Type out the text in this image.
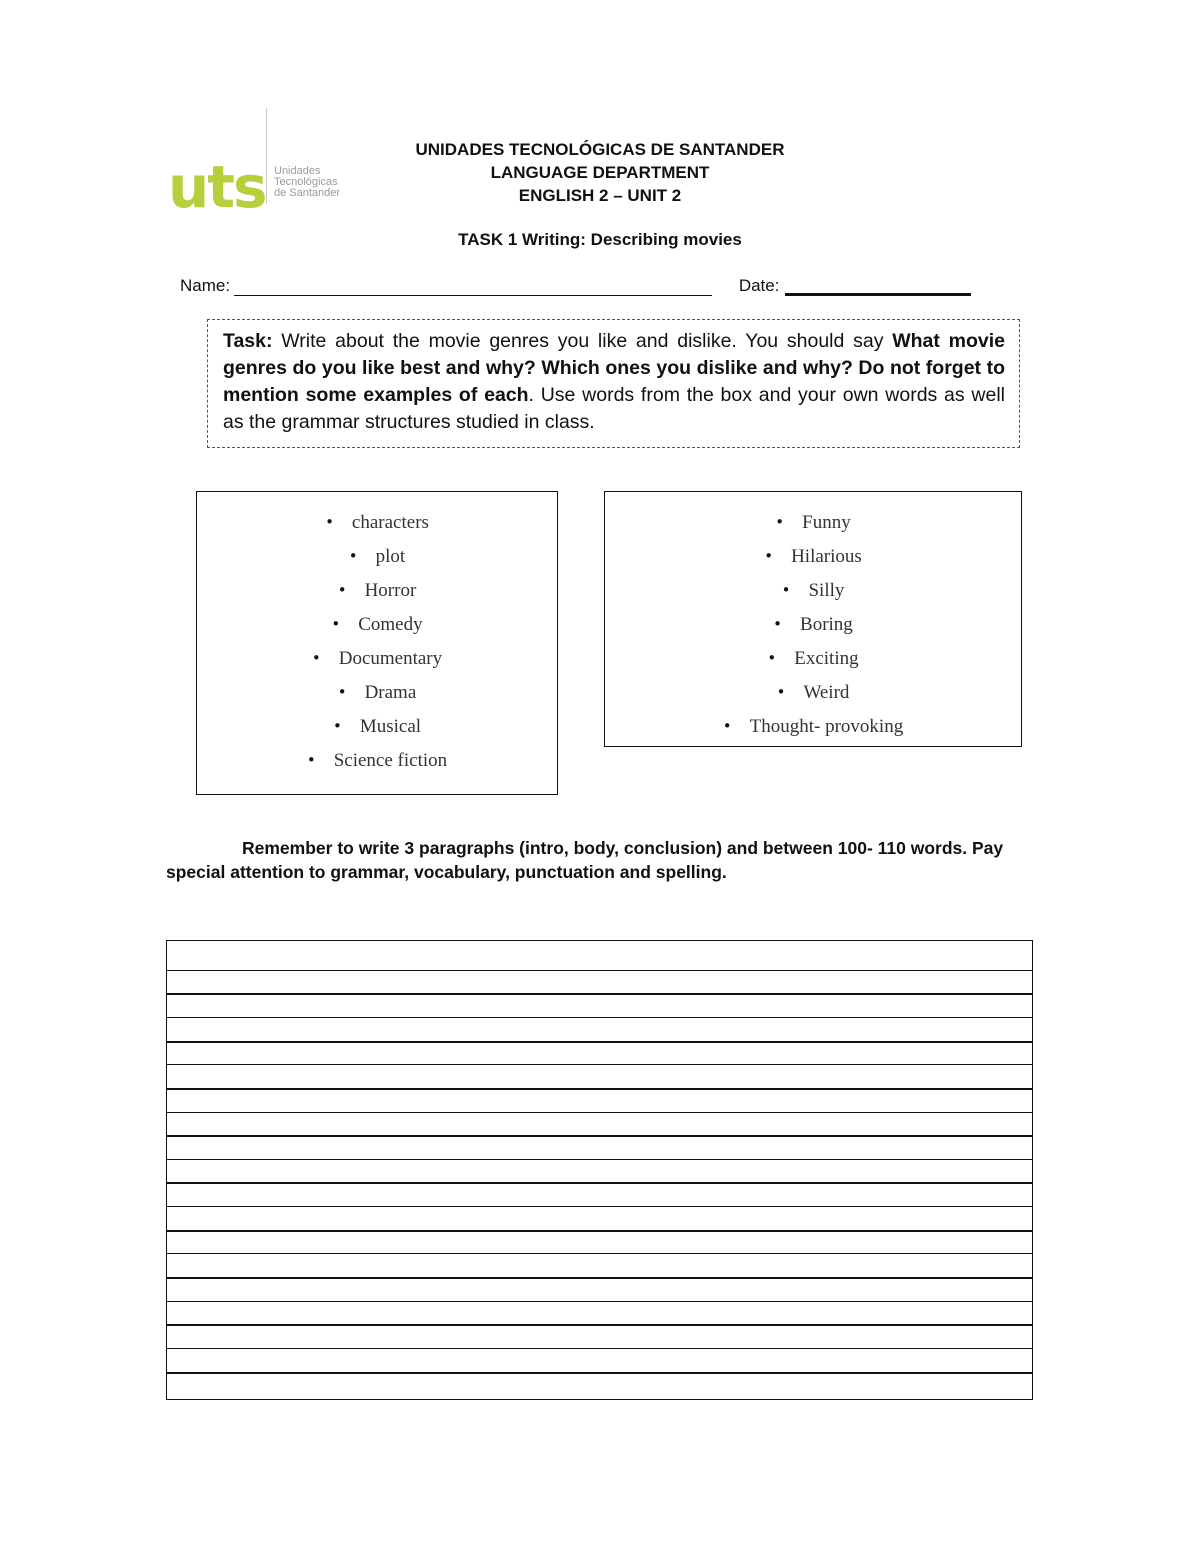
uts Unidades
Tecnológicas
de Santander
UNIDADES TECNOLÓGICAS DE SANTANDER
LANGUAGE DEPARTMENT
ENGLISH 2 – UNIT 2
TASK 1 Writing: Describing movies
Name:	Date:
Task: Write about the movie genres you like and dislike. You should say What movie genres do you like best and why? Which ones you dislike and why? Do not forget to mention some examples of each. Use words from the box and your own words as well as the grammar structures studied in class.
• characters
• plot
• Horror
• Comedy
• Documentary
• Drama
• Musical
• Science fiction
• Funny
• Hilarious
• Silly
• Boring
• Exciting
• Weird
• Thought- provoking
Remember to write 3 paragraphs (intro, body, conclusion) and between 100- 110 words. Pay special attention to grammar, vocabulary, punctuation and spelling.
